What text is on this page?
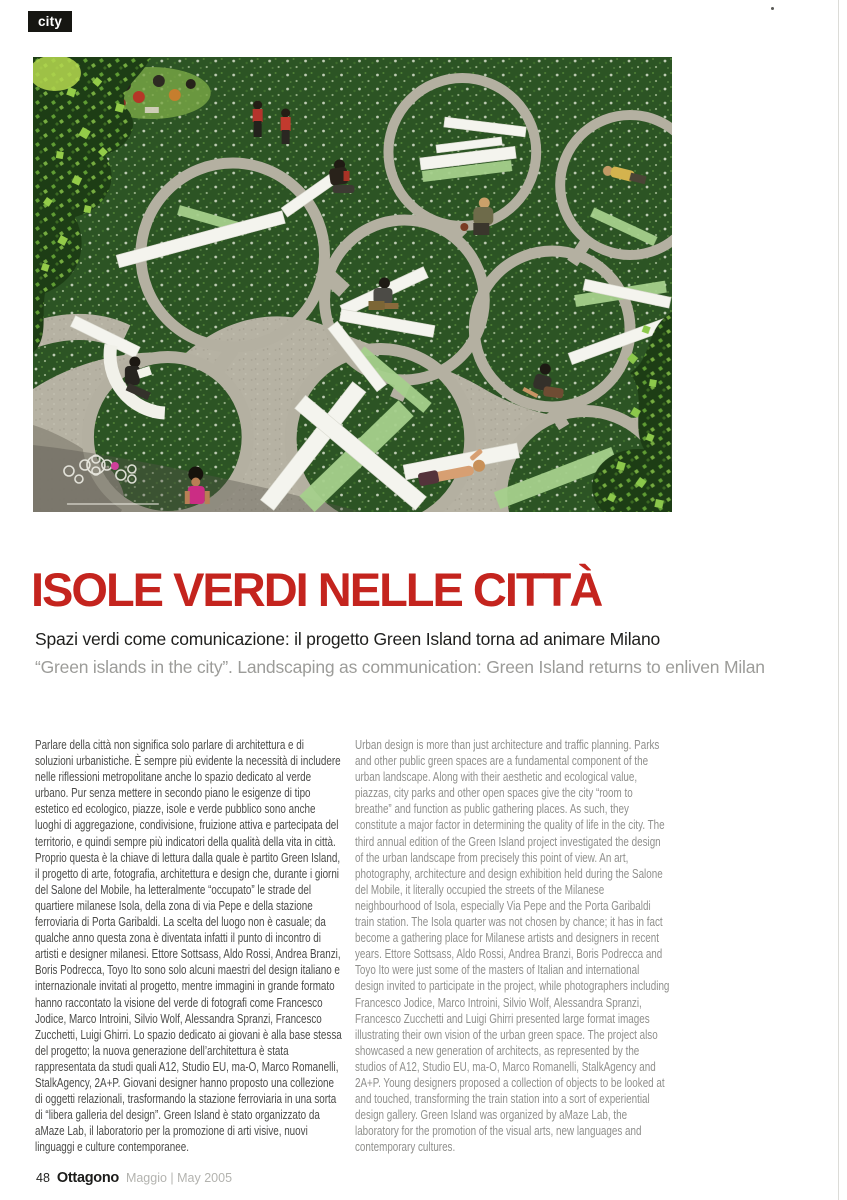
city
ISOLE VERDI NELLE CITTÀ

Spazi verdi come comunicazione: il progetto Green Island torna ad animare Milano

“Green islands in the city”. Landscaping as communication: Green Island returns to enliven Milan

Parlare della città non significa solo parlare di architettura e di soluzioni urbanistiche. È sempre più evidente la necessità di includere nelle riflessioni metropolitane anche lo spazio dedicato al verde urbano. Pur senza mettere in secondo piano le esigenze di tipo estetico ed ecologico, piazze, isole e verde pubblico sono anche luoghi di aggregazione, condivisione, fruizione attiva e partecipata del territorio, e quindi sempre più indicatori della qualità della vita in città. Proprio questa è la chiave di lettura dalla quale è partito Green Island, il progetto di arte, fotografia, architettura e design che, durante i giorni del Salone del Mobile, ha letteralmente “occupato” le strade del quartiere milanese Isola, della zona di via Pepe e della stazione ferroviaria di Porta Garibaldi. La scelta del luogo non è casuale; da qualche anno questa zona è diventata infatti il punto di incontro di artisti e designer milanesi. Ettore Sottsass, Aldo Rossi, Andrea Branzi, Boris Podrecca, Toyo Ito sono solo alcuni maestri del design italiano e internazionale invitati al progetto, mentre immagini in grande formato hanno raccontato la visione del verde di fotografi come Francesco Jodice, Marco Introini, Silvio Wolf, Alessandra Spranzi, Francesco Zucchetti, Luigi Ghirri. Lo spazio dedicato ai giovani è alla base stessa del progetto; la nuova generazione dell’architettura è stata rappresentata da studi quali A12, Studio EU, ma-O, Marco Romanelli, StalkAgency, 2A+P. Giovani designer hanno proposto una collezione di oggetti relazionali, trasformando la stazione ferroviaria in una sorta di “libera galleria del design”. Green Island è stato organizzato da aMaze Lab, il laboratorio per la promozione di arti visive, nuovi linguaggi e culture contemporanee.

Urban design is more than just architecture and traffic planning. Parks and other public green spaces are a fundamental component of the urban landscape. Along with their aesthetic and ecological value, piazzas, city parks and other open spaces give the city “room to breathe” and function as public gathering places. As such, they constitute a major factor in determining the quality of life in the city. The third annual edition of the Green Island project investigated the design of the urban landscape from precisely this point of view. An art, photography, architecture and design exhibition held during the Salone del Mobile, it literally occupied the streets of the Milanese neighbourhood of Isola, especially Via Pepe and the Porta Garibaldi train station. The Isola quarter was not chosen by chance; it has in fact become a gathering place for Milanese artists and designers in recent years. Ettore Sottsass, Aldo Rossi, Andrea Branzi, Boris Podrecca and Toyo Ito were just some of the masters of Italian and international design invited to participate in the project, while photographers including Francesco Jodice, Marco Introini, Silvio Wolf, Alessandra Spranzi, Francesco Zucchetti and Luigi Ghirri presented large format images illustrating their own vision of the urban green space. The project also showcased a new generation of architects, as represented by the studios of A12, Studio EU, ma-O, Marco Romanelli, StalkAgency and 2A+P. Young designers proposed a collection of objects to be looked at and touched, transforming the train station into a sort of experiential design gallery. Green Island was organized by aMaze Lab, the laboratory for the promotion of the visual arts, new languages and contemporary cultures.

48 Ottagono Maggio | May 2005
